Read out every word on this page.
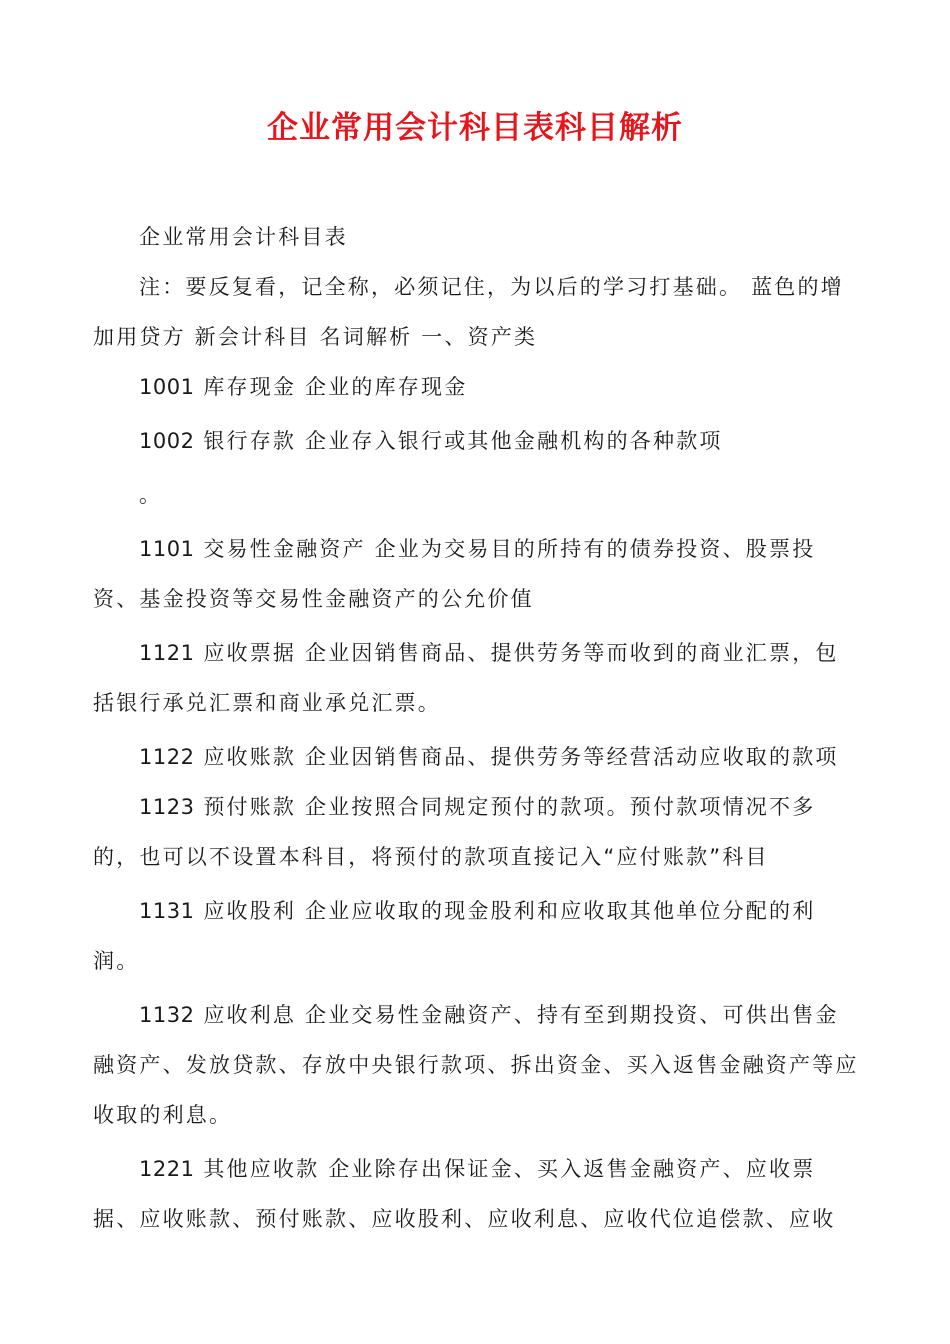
企业常用会计科目表科目解析

企业常用会计科目表

注：要反复看，记全称，必须记住，为以后的学习打基础。 蓝色的增加用贷方 新会计科目 名词解析 一、资产类

1001 库存现金 企业的库存现金

1002 银行存款 企业存入银行或其他金融机构的各种款项

。

1101 交易性金融资产 企业为交易目的所持有的债券投资、股票投资、基金投资等交易性金融资产的公允价值

1121 应收票据 企业因销售商品、提供劳务等而收到的商业汇票，包括银行承兑汇票和商业承兑汇票。

1122 应收账款 企业因销售商品、提供劳务等经营活动应收取的款项

1123 预付账款 企业按照合同规定预付的款项。预付款项情况不多的，也可以不设置本科目，将预付的款项直接记入“应付账款”科目

1131 应收股利 企业应收取的现金股利和应收取其他单位分配的利润。

1132 应收利息 企业交易性金融资产、持有至到期投资、可供出售金融资产、发放贷款、存放中央银行款项、拆出资金、买入返售金融资产等应收取的利息。

1221 其他应收款 企业除存出保证金、买入返售金融资产、应收票据、应收账款、预付账款、应收股利、应收利息、应收代位追偿款、应收
